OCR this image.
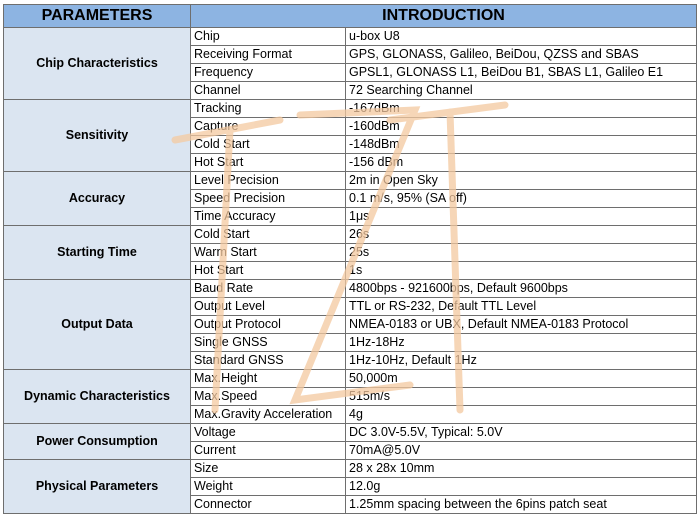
PARAMETERS	INTRODUCTION	
Chip Characteristics	Chip	u-box U8
	Receiving Format	GPS, GLONASS, Galileo, BeiDou, QZSS and SBAS
	Frequency	GPSL1, GLONASS L1, BeiDou B1, SBAS L1, Galileo E1
	Channel	72 Searching Channel
Sensitivity	Tracking	-167dBm
	Capture	-160dBm
	Cold Start	-148dBm
	Hot Start	-156 dBm
Accuracy	Level Precision	2m in Open Sky
	Speed Precision	0.1 m/s, 95% (SA off)
	Time Accuracy	1μs
Starting Time	Cold Start	26s
	Warm Start	25s
	Hot Start	1s
Output Data	Baud Rate	4800bps - 921600bps, Default 9600bps
	Output Level	TTL or RS-232, Default TTL Level
	Output Protocol	NMEA-0183 or UBX, Default NMEA-0183 Protocol
	Single GNSS	1Hz-18Hz
	Standard GNSS	1Hz-10Hz, Default 1Hz
Dynamic Characteristics	Max.Height	50,000m
	Max.Speed	515m/s
	Max.Gravity Acceleration	4g
Power Consumption	Voltage	DC 3.0V-5.5V, Typical: 5.0V
	Current	70mA@5.0V
Physical Parameters	Size	28 x 28x 10mm
	Weight	12.0g
	Connector	1.25mm spacing between the 6pins patch seat
